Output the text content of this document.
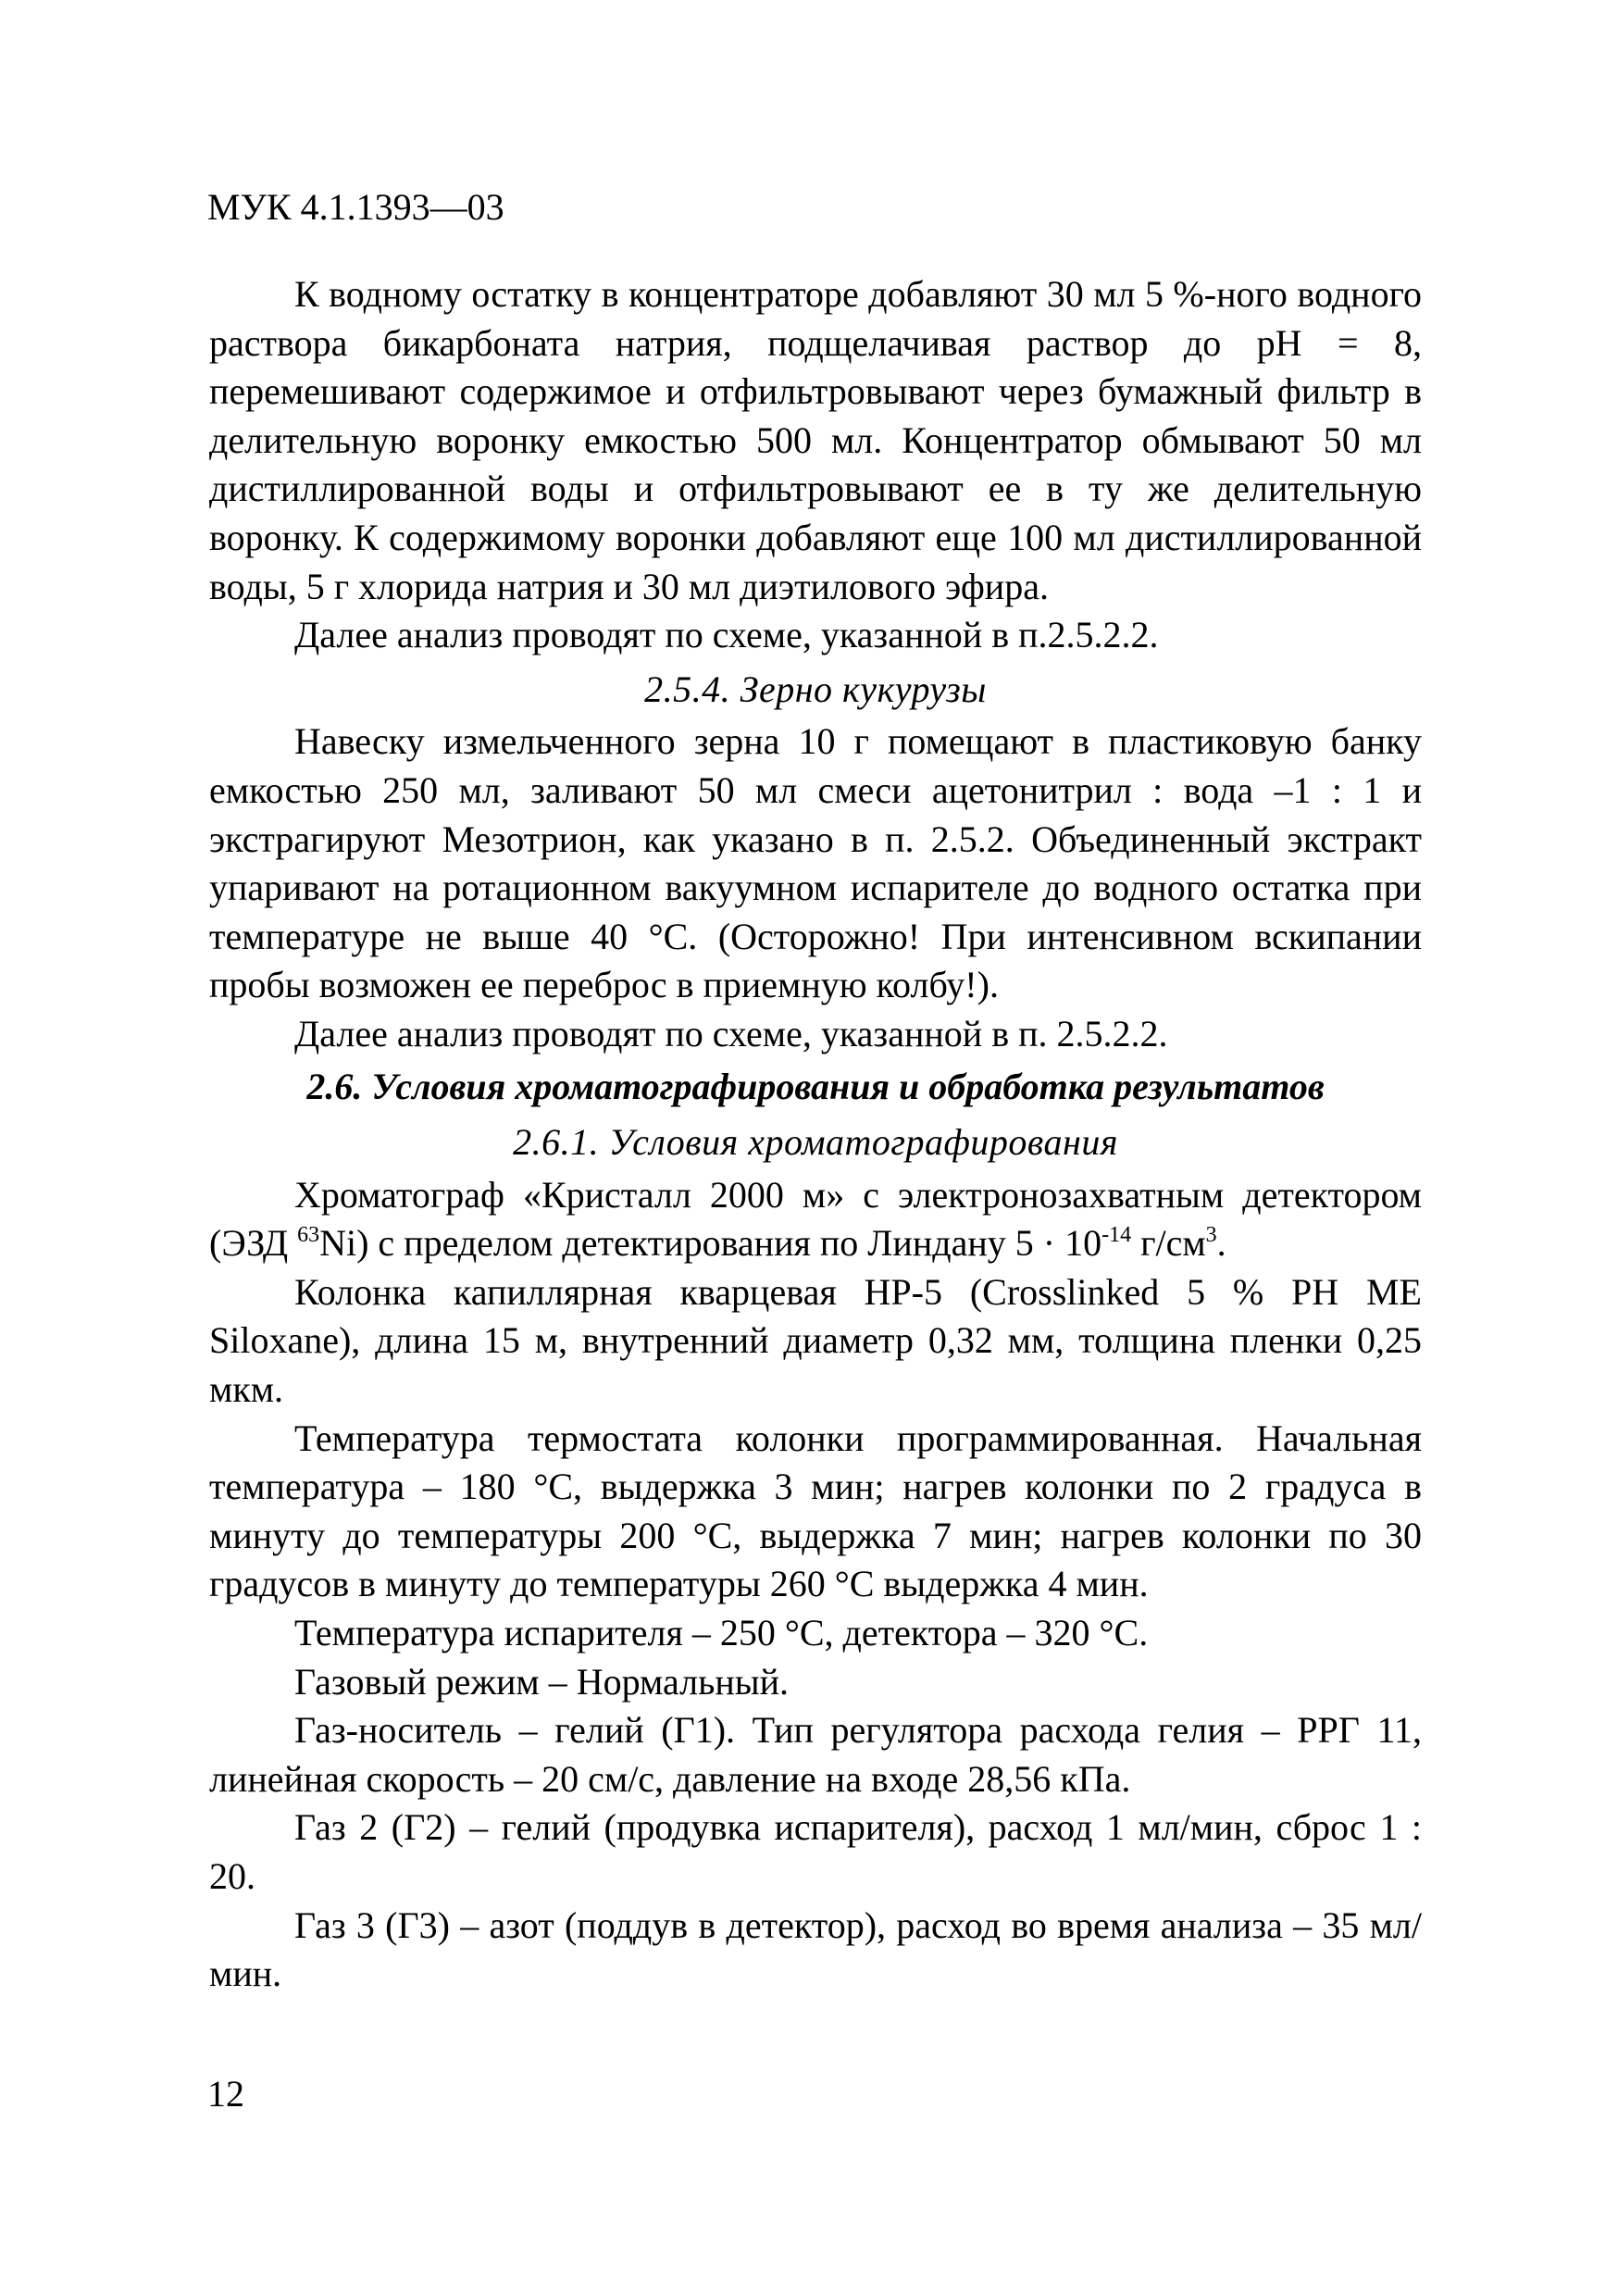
МУК 4.1.1393—03

К водному остатку в концентраторе добавляют 30 мл 5 %-ного водного раствора бикарбоната натрия, подщелачивая раствор до pH = 8, перемешивают содержимое и отфильтровывают через бумажный фильтр в делительную воронку емкостью 500 мл. Концентратор обмывают 50 мл дистиллированной воды и отфильтровывают ее в ту же делительную воронку. К содержимому воронки добавляют еще 100 мл дистиллированной воды, 5 г хлорида натрия и 30 мл диэтилового эфира.

Далее анализ проводят по схеме, указанной в п.2.5.2.2.

2.5.4. Зерно кукурузы

Навеску измельченного зерна 10 г помещают в пластиковую банку емкостью 250 мл, заливают 50 мл смеси ацетонитрил : вода –1 : 1 и экстрагируют Мезотрион, как указано в п. 2.5.2. Объединенный экстракт упаривают на ротационном вакуумном испарителе до водного остатка при температуре не выше 40 °С. (Осторожно! При интенсивном вскипании пробы возможен ее переброс в приемную колбу!).

Далее анализ проводят по схеме, указанной в п. 2.5.2.2.

2.6. Условия хроматографирования и обработка результатов

2.6.1. Условия хроматографирования

Хроматограф «Кристалл 2000 м» с электронозахватным детектором (ЭЗД $^{63}$Ni) с пределом детектирования по Линдану $5 \cdot 10^{-14}$ $г/см^3$.

Колонка капиллярная кварцевая HP-5 (Crosslinked 5 % PH ME Siloxane), длина 15 м, внутренний диаметр 0,32 мм, толщина пленки 0,25 мкм.

Температура термостата колонки программированная. Начальная температура – 180 °С, выдержка 3 мин; нагрев колонки по 2 градуса в минуту до температуры 200 °С, выдержка 7 мин; нагрев колонки по 30 градусов в минуту до температуры 260 °С выдержка 4 мин.

Температура испарителя – 250 °С, детектора – 320 °С.

Газовый режим – Нормальный.

Газ-носитель – гелий (Г1). Тип регулятора расхода гелия – РРГ 11, линейная скорость – 20 см/с, давление на входе 28,56 кПа.

Газ 2 (Г2) – гелий (продувка испарителя), расход 1 мл/мин, сброс 1 : 20.

Газ 3 (Г3) – азот (поддув в детектор), расход во время анализа – 35 мл/мин.

12
